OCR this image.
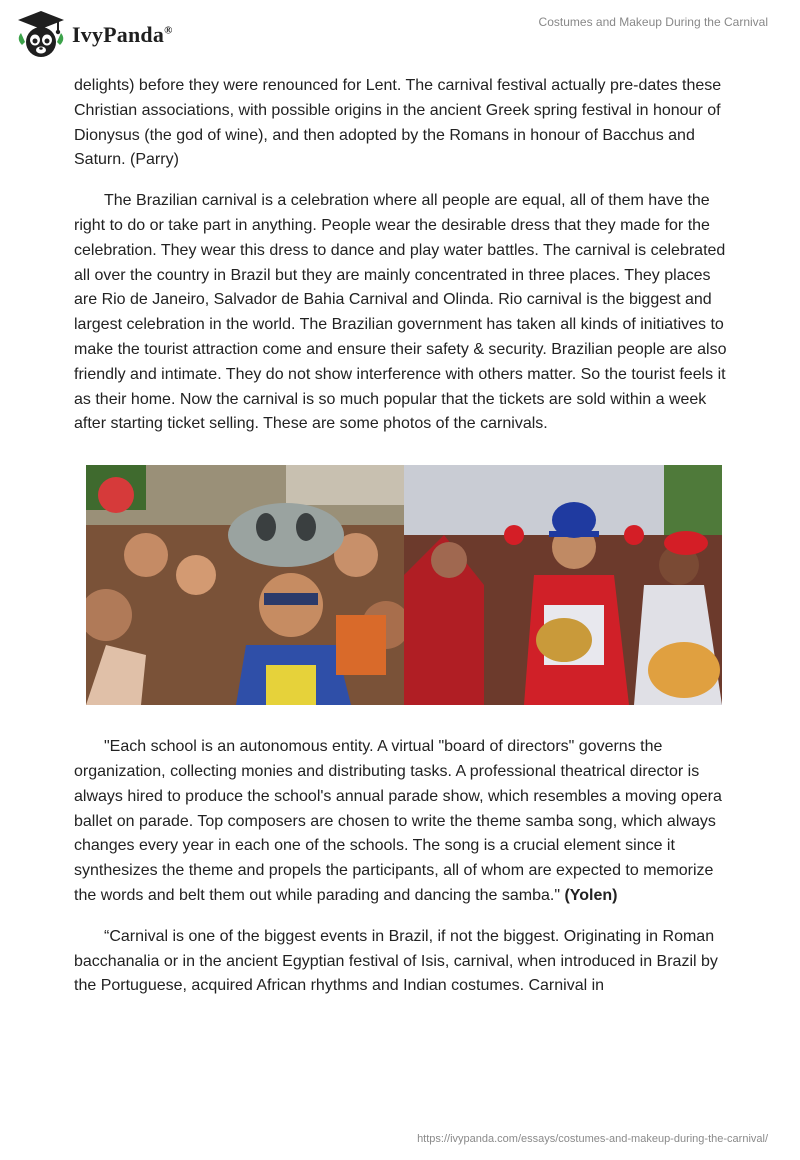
IvyPanda®
Costumes and Makeup During the Carnival

delights) before they were renounced for Lent. The carnival festival actually pre-dates these Christian associations, with possible origins in the ancient Greek spring festival in honour of Dionysus (the god of wine), and then adopted by the Romans in honour of Bacchus and Saturn. (Parry)

The Brazilian carnival is a celebration where all people are equal, all of them have the right to do or take part in anything. People wear the desirable dress that they made for the celebration. They wear this dress to dance and play water battles. The carnival is celebrated all over the country in Brazil but they are mainly concentrated in three places. They places are Rio de Janeiro, Salvador de Bahia Carnival and Olinda. Rio carnival is the biggest and largest celebration in the world. The Brazilian government has taken all kinds of initiatives to make the tourist attraction come and ensure their safety & security. Brazilian people are also friendly and intimate. They do not show interference with others matter. So the tourist feels it as their home. Now the carnival is so much popular that the tickets are sold within a week after starting ticket selling. These are some photos of the carnivals.

"Each school is an autonomous entity. A virtual "board of directors" governs the organization, collecting monies and distributing tasks. A professional theatrical director is always hired to produce the school's annual parade show, which resembles a moving opera ballet on parade. Top composers are chosen to write the theme samba song, which always changes every year in each one of the schools. The song is a crucial element since it synthesizes the theme and propels the participants, all of whom are expected to memorize the words and belt them out while parading and dancing the samba." (Yolen)

“Carnival is one of the biggest events in Brazil, if not the biggest. Originating in Roman bacchanalia or in the ancient Egyptian festival of Isis, carnival, when introduced in Brazil by the Portuguese, acquired African rhythms and Indian costumes. Carnival in

https://ivypanda.com/essays/costumes-and-makeup-during-the-carnival/
